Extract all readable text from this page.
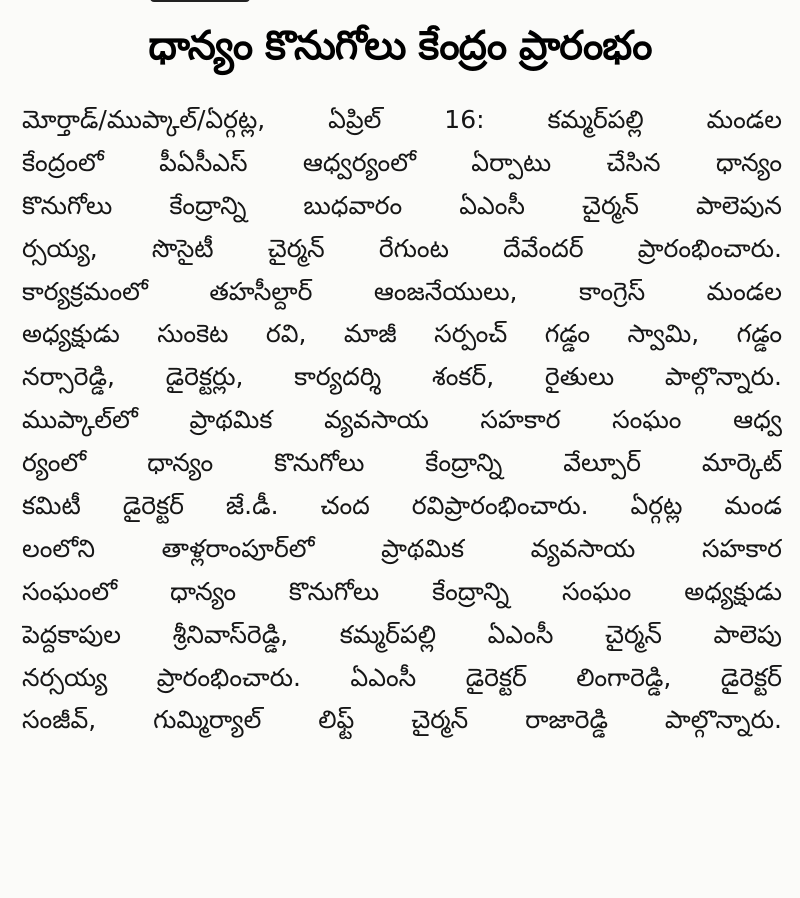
ధాన్యం కొనుగోలు కేంద్రం ప్రారంభం
మోర్తాడ్/ముప్కాల్/ఏర్గట్ల, ఏప్రిల్ 16: కమ్మర్‌పల్లి మండల
కేంద్రంలో పీఏసీఎస్ ఆధ్వర్యంలో ఏర్పాటు చేసిన ధాన్యం
కొనుగోలు కేంద్రాన్ని బుధవారం ఏఎంసీ చైర్మన్ పాలెపున
ర్సయ్య, సొసైటీ చైర్మన్ రేగుంట దేవేందర్ ప్రారంభించారు.
కార్యక్రమంలో తహసీల్దార్ ఆంజనేయులు, కాంగ్రెస్ మండల
అధ్యక్షుడు సుంకెట రవి, మాజీ సర్పంచ్ గడ్డం స్వామి, గడ్డం
నర్సారెడ్డి, డైరెక్టర్లు, కార్యదర్శి శంకర్, రైతులు పాల్గొన్నారు.
ముప్కాల్‌లో ప్రాథమిక వ్యవసాయ సహకార సంఘం ఆధ్వ
ర్యంలో ధాన్యం కొనుగోలు కేంద్రాన్ని వేల్పూర్ మార్కెట్
కమిటీ డైరెక్టర్ జే.డీ. చంద రవిప్రారంభించారు. ఏర్గట్ల మండ
లంలోని తాళ్లరాంపూర్‌లో ప్రాథమిక వ్యవసాయ సహకార
సంఘంలో ధాన్యం కొనుగోలు కేంద్రాన్ని సంఘం అధ్యక్షుడు
పెద్దకాపుల శ్రీనివాస్‌రెడ్డి, కమ్మర్‌పల్లి ఏఎంసీ చైర్మన్ పాలెపు
నర్సయ్య ప్రారంభించారు. ఏఎంసీ డైరెక్టర్ లింగారెడ్డి, డైరెక్టర్
సంజీవ్, గుమ్మిర్యాల్ లిఫ్ట్ చైర్మన్ రాజారెడ్డి పాల్గొన్నారు.
